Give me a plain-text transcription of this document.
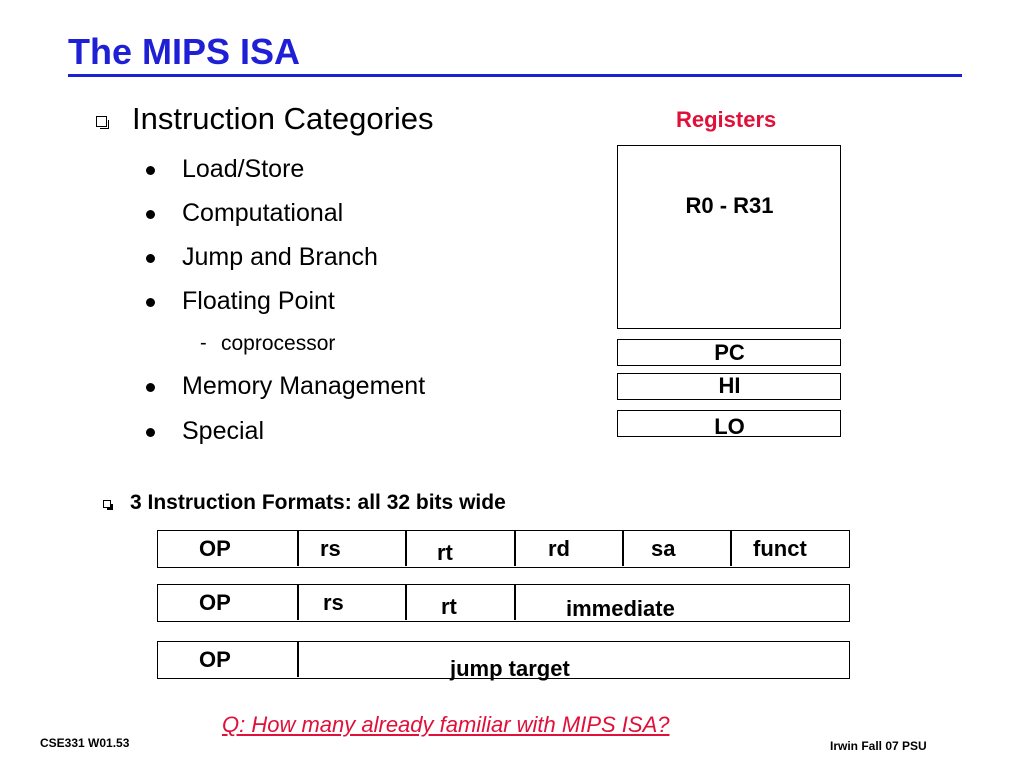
The MIPS ISA
Instruction Categories
Load/Store
Computational
Jump and Branch
Floating Point
- coprocessor
Memory Management
Special
Registers
R0 - R31
PC
HI
LO
3 Instruction Formats: all 32 bits wide
OP	rs	rt	rd	sa	funct
OP	rs	rt	immediate
OP	jump target
Q: How many already familiar with MIPS ISA?
CSE331 W01.53	Irwin Fall 07 PSU
